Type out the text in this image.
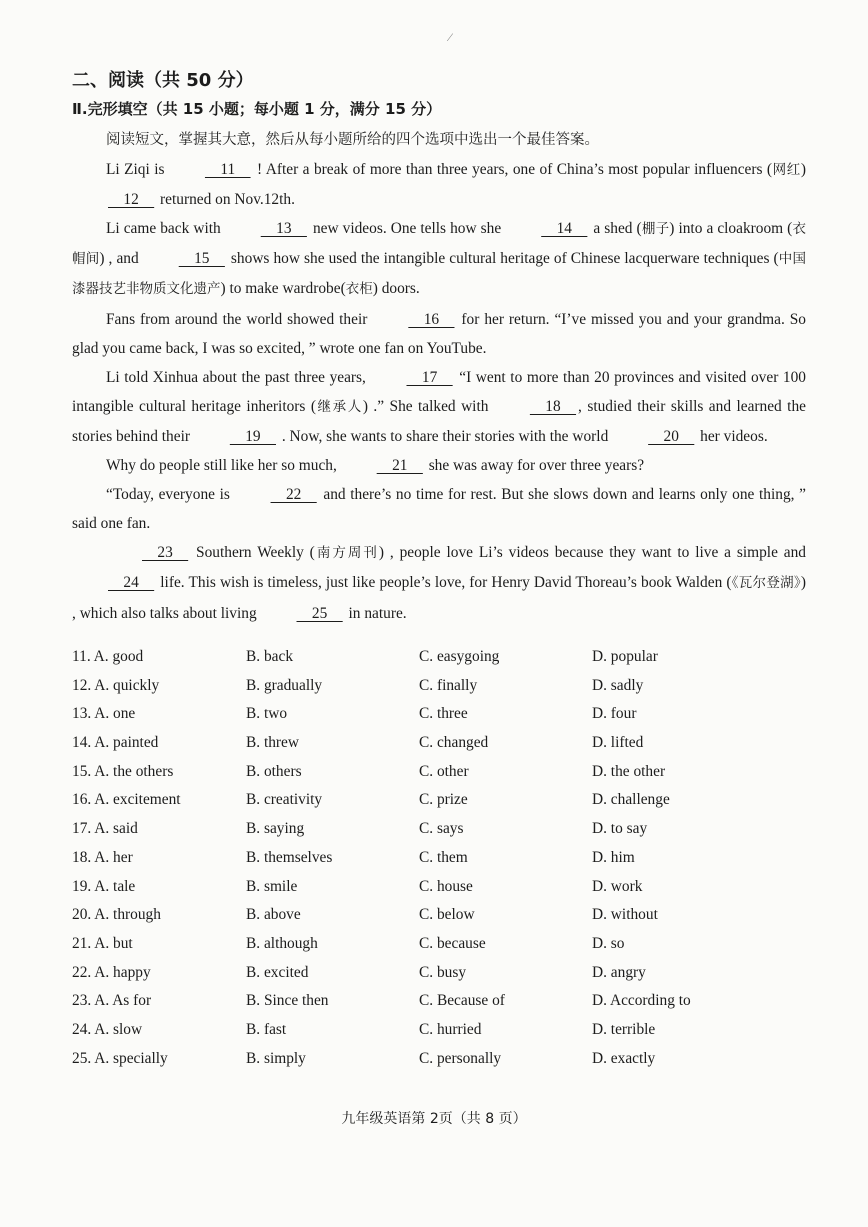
⁄
二、阅读（共 50 分）
Ⅱ.完形填空（共 15 小题；每小题 1 分，满分 15 分）

阅读短文，掌握其大意，然后从每小题所给的四个选项中选出一个最佳答案。

Li Ziqi is   11   ! After a break of more than three years, one of China’s most popular influencers (网红)   12   returned on Nov.12th.

Li came back with   13   new videos. One tells how she   14   a shed (棚子) into a cloakroom (衣帽间) , and   15   shows how she used the intangible cultural heritage of Chinese lacquerware techniques (中国漆器技艺非物质文化遗产) to make wardrobe(衣柜) doors.

Fans from around the world showed their   16   for her return. “I’ve missed you and your grandma. So glad you came back, I was so excited, ” wrote one fan on YouTube.

Li told Xinhua about the past three years,   17   “I went to more than 20 provinces and visited over 100 intangible cultural heritage inheritors (继承人) .” She talked with   18  , studied their skills and learned the stories behind their   19   . Now, she wants to share their stories with the world   20   her videos.

Why do people still like her so much,   21   she was away for over three years?

“Today, everyone is   22   and there’s no time for rest. But she slows down and learns only one thing, ” said one fan.

  23   Southern Weekly (南方周刊) , people love Li’s videos because they want to live a simple and   24   life. This wish is timeless, just like people’s love, for Henry David Thoreau’s book Walden (《瓦尔登湖》) , which also talks about living   25   in nature.

11. A. good	B. back	C. easygoing	D. popular
12. A. quickly	B. gradually	C. finally	D. sadly
13. A. one	B. two	C. three	D. four
14. A. painted	B. threw	C. changed	D. lifted
15. A. the others	B. others	C. other	D. the other
16. A. excitement	B. creativity	C. prize	D. challenge
17. A. said	B. saying	C. says	D. to say
18. A. her	B. themselves	C. them	D. him
19. A. tale	B. smile	C. house	D. work
20. A. through	B. above	C. below	D. without
21. A. but	B. although	C. because	D. so
22. A. happy	B. excited	C. busy	D. angry
23. A. As for	B. Since then	C. Because of	D. According to
24. A. slow	B. fast	C. hurried	D. terrible
25. A. specially	B. simply	C. personally	D. exactly
九年级英语第 2页（共 8 页）
